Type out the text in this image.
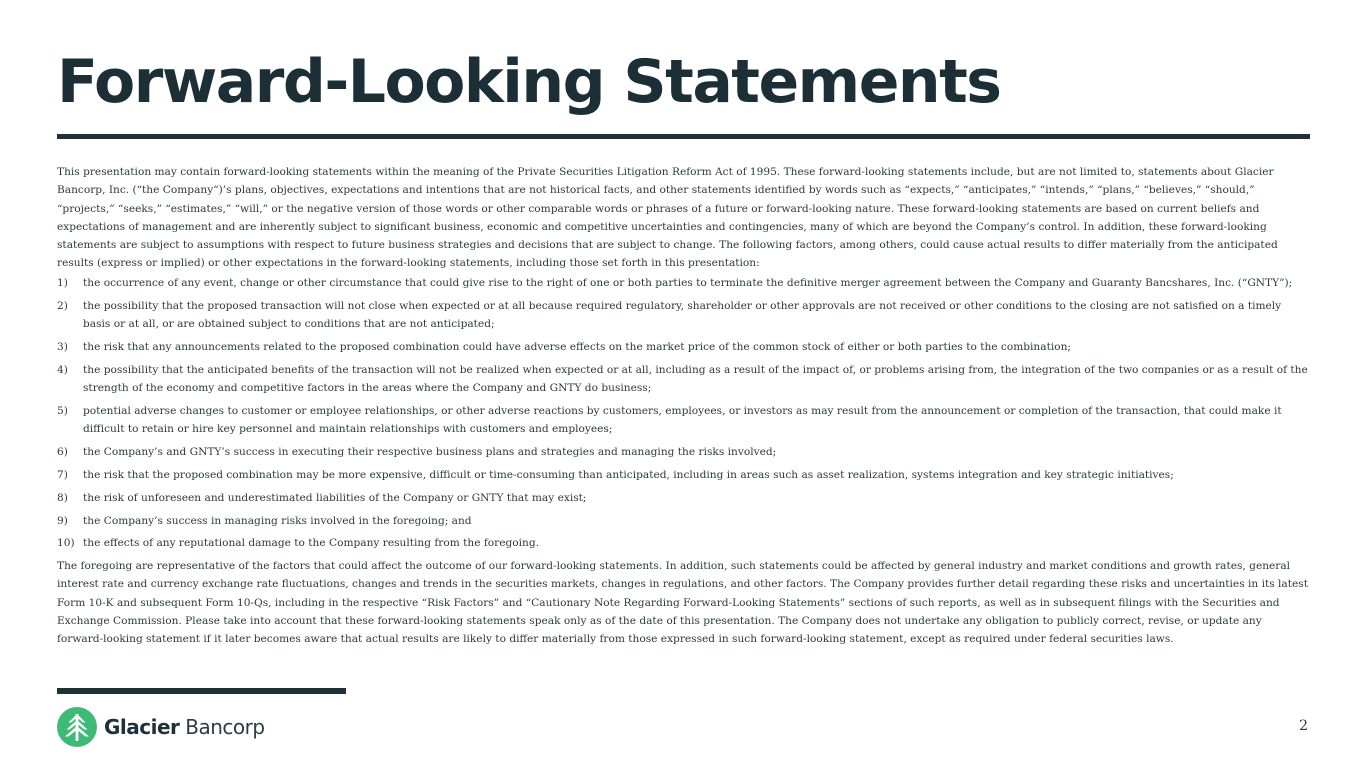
Forward-Looking Statements

This presentation may contain forward-looking statements within the meaning of the Private Securities Litigation Reform Act of 1995. These forward-looking statements include, but are not limited to, statements about Glacier Bancorp, Inc. (“the Company”)’s plans, objectives, expectations and intentions that are not historical facts, and other statements identified by words such as “expects,” “anticipates,” “intends,” “plans,” “believes,” “should,” “projects,” “seeks,” “estimates,” “will,” or the negative version of those words or other comparable words or phrases of a future or forward-looking nature. These forward-looking statements are based on current beliefs and expectations of management and are inherently subject to significant business, economic and competitive uncertainties and contingencies, many of which are beyond the Company’s control. In addition, these forward-looking statements are subject to assumptions with respect to future business strategies and decisions that are subject to change. The following factors, among others, could cause actual results to differ materially from the anticipated results (express or implied) or other expectations in the forward-looking statements, including those set forth in this presentation:

1)	the occurrence of any event, change or other circumstance that could give rise to the right of one or both parties to terminate the definitive merger agreement between the Company and Guaranty Bancshares, Inc. (“GNTY”);
2)	the possibility that the proposed transaction will not close when expected or at all because required regulatory, shareholder or other approvals are not received or other conditions to the closing are not satisfied on a timely basis or at all, or are obtained subject to conditions that are not anticipated;
3)	the risk that any announcements related to the proposed combination could have adverse effects on the market price of the common stock of either or both parties to the combination;
4)	the possibility that the anticipated benefits of the transaction will not be realized when expected or at all, including as a result of the impact of, or problems arising from, the integration of the two companies or as a result of the strength of the economy and competitive factors in the areas where the Company and GNTY do business;
5)	potential adverse changes to customer or employee relationships, or other adverse reactions by customers, employees, or investors as may result from the announcement or completion of the transaction, that could make it difficult to retain or hire key personnel and maintain relationships with customers and employees;
6)	the Company’s and GNTY’s success in executing their respective business plans and strategies and managing the risks involved;
7)	the risk that the proposed combination may be more expensive, difficult or time-consuming than anticipated, including in areas such as asset realization, systems integration and key strategic initiatives;
8)	the risk of unforeseen and underestimated liabilities of the Company or GNTY that may exist;
9)	the Company’s success in managing risks involved in the foregoing; and
10) the effects of any reputational damage to the Company resulting from the foregoing.

The foregoing are representative of the factors that could affect the outcome of our forward-looking statements. In addition, such statements could be affected by general industry and market conditions and growth rates, general interest rate and currency exchange rate fluctuations, changes and trends in the securities markets, changes in regulations, and other factors. The Company provides further detail regarding these risks and uncertainties in its latest Form 10-K and subsequent Form 10-Qs, including in the respective “Risk Factors” and “Cautionary Note Regarding Forward-Looking Statements” sections of such reports, as well as in subsequent filings with the Securities and Exchange Commission. Please take into account that these forward-looking statements speak only as of the date of this presentation. The Company does not undertake any obligation to publicly correct, revise, or update any forward-looking statement if it later becomes aware that actual results are likely to differ materially from those expressed in such forward-looking statement, except as required under federal securities laws.

Glacier Bancorp	2
